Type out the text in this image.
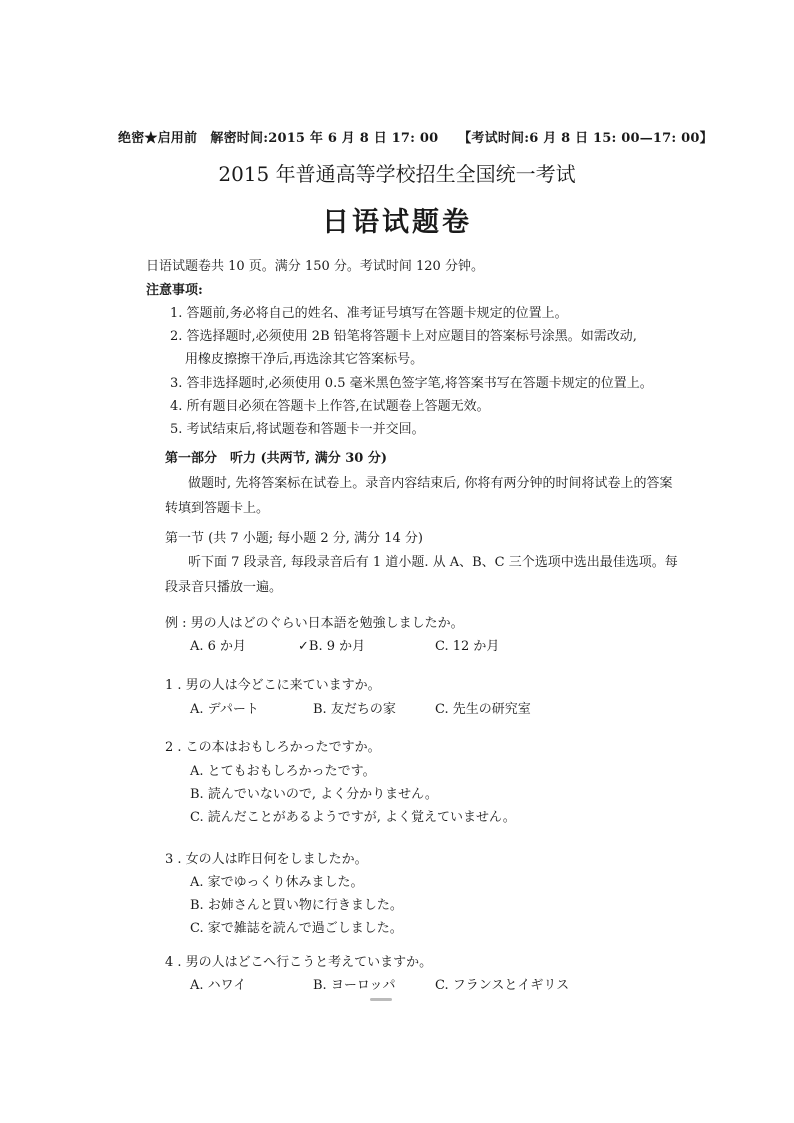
绝密★启用前　解密时间:2015 年 6 月 8 日 17: 00　　【考试时间:6 月 8 日 15: 00—17: 00】
2015 年普通高等学校招生全国统一考试
日语试题卷
日语试题卷共 10 页。满分 150 分。考试时间 120 分钟。
注意事项:
1. 答题前,务必将自己的姓名、准考证号填写在答题卡规定的位置上。
2. 答选择题时,必须使用 2B 铅笔将答题卡上对应题目的答案标号涂黑。如需改动,
用橡皮擦擦干净后,再选涂其它答案标号。
3. 答非选择题时,必须使用 0.5 毫米黑色签字笔,将答案书写在答题卡规定的位置上。
4. 所有题目必须在答题卡上作答,在试题卷上答题无效。
5. 考试结束后,将试题卷和答题卡一并交回。
第一部分　听力 (共两节, 满分 30 分)
做题时, 先将答案标在试卷上。录音内容结束后, 你将有两分钟的时间将试卷上的答案
转填到答题卡上。
第一节 (共 7 小题; 每小题 2 分, 满分 14 分)
听下面 7 段录音, 每段录音后有 1 道小题. 从 A、B、C 三个选项中选出最佳选项。每
段录音只播放一遍。
例 : 男の人はどのぐらい日本語を勉強しましたか。
A. 6 か月	✓B. 9 か月	C. 12 か月
1 . 男の人は今どこに来ていますか。
A. デパート	B. 友だちの家	C. 先生の研究室
2 . この本はおもしろかったですか。
A. とてもおもしろかったです。
B. 読んでいないので, よく分かりません。
C. 読んだことがあるようですが, よく覚えていません。
3 . 女の人は昨日何をしましたか。
A. 家でゆっくり休みました。
B. お姉さんと買い物に行きました。
C. 家で雑誌を読んで過ごしました。
4 . 男の人はどこへ行こうと考えていますか。
A. ハワイ	B. ヨーロッパ	C. フランスとイギリス
